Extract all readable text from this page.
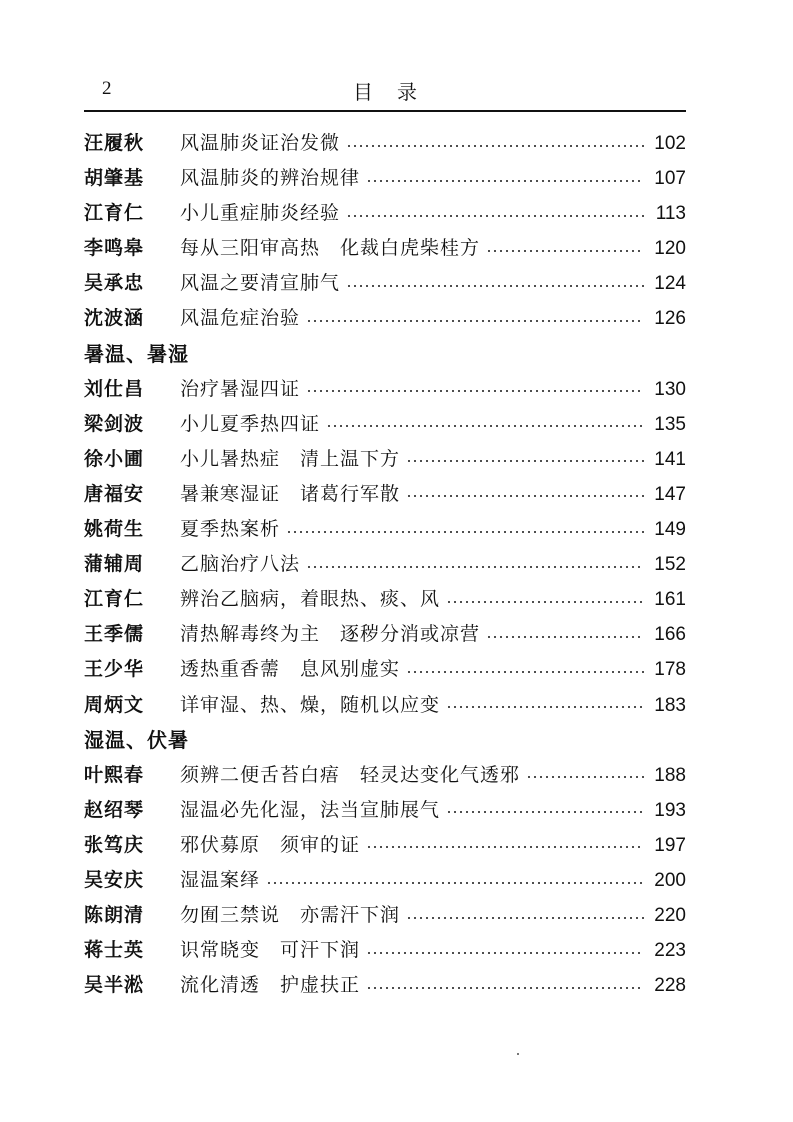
2	目录
汪履秋	风温肺炎证治发微	102
胡肇基	风温肺炎的辨治规律	107
江育仁	小儿重症肺炎经验	113
李鸣皋	每从三阳审高热　化裁白虎柴桂方	120
吴承忠	风温之要清宣肺气	124
沈波涵	风温危症治验	126
暑温、暑湿
刘仕昌	治疗暑湿四证	130
梁剑波	小儿夏季热四证	135
徐小圃	小儿暑热症　清上温下方	141
唐福安	暑兼寒湿证　诸葛行军散	147
姚荷生	夏季热案析	149
蒲辅周	乙脑治疗八法	152
江育仁	辨治乙脑病，着眼热、痰、风	161
王季儒	清热解毒终为主　逐秽分消或凉营	166
王少华	透热重香薷　息风别虚实	178
周炳文	详审湿、热、燥，随机以应变	183
湿温、伏暑
叶熙春	须辨二便舌苔白痦　轻灵达变化气透邪	188
赵绍琴	湿温必先化湿，法当宣肺展气	193
张笃庆	邪伏募原　须审的证	197
吴安庆	湿温案绎	200
陈朗清	勿囿三禁说　亦需汗下润	220
蒋士英	识常晓变　可汗下润	223
吴半淞	流化清透　护虚扶正	228
